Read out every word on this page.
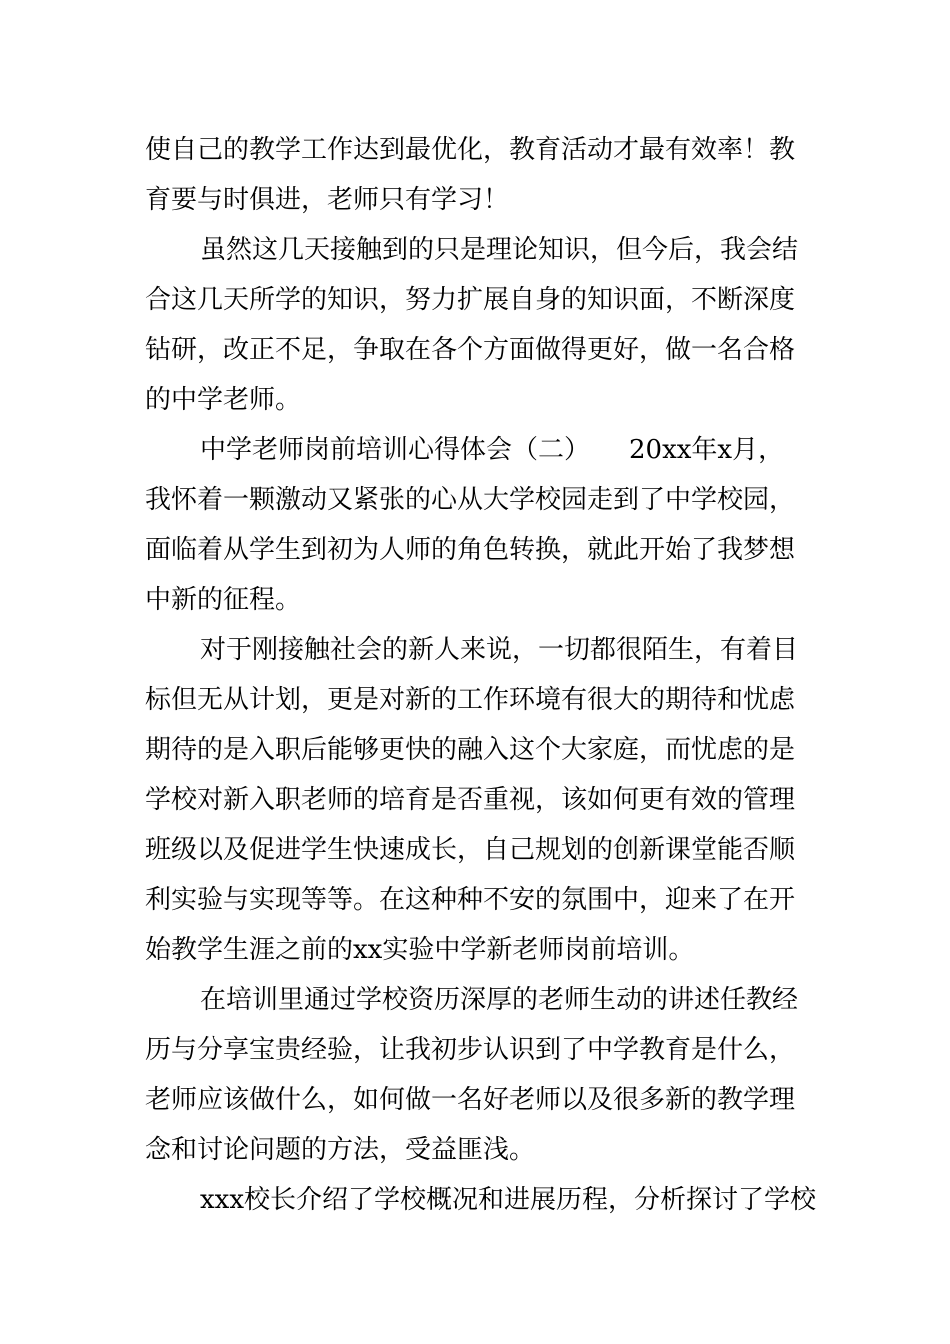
使自己的教学工作达到最优化，教育活动才最有效率！教
育要与时俱进，老师只有学习！
虽然这几天接触到的只是理论知识，但今后，我会结
合这几天所学的知识，努力扩展自身的知识面，不断深度
钻研，改正不足，争取在各个方面做得更好，做一名合格
的中学老师。
中学老师岗前培训心得体会（二）　　20xx年x月，
我怀着一颗激动又紧张的心从大学校园走到了中学校园，
面临着从学生到初为人师的角色转换，就此开始了我梦想
中新的征程。
对于刚接触社会的新人来说，一切都很陌生，有着目
标但无从计划，更是对新的工作环境有很大的期待和忧虑
期待的是入职后能够更快的融入这个大家庭，而忧虑的是
学校对新入职老师的培育是否重视，该如何更有效的管理
班级以及促进学生快速成长，自己规划的创新课堂能否顺
利实验与实现等等。在这种种不安的氛围中，迎来了在开
始教学生涯之前的xx实验中学新老师岗前培训。
在培训里通过学校资历深厚的老师生动的讲述任教经
历与分享宝贵经验，让我初步认识到了中学教育是什么，
老师应该做什么，如何做一名好老师以及很多新的教学理
念和讨论问题的方法，受益匪浅。
xxx校长介绍了学校概况和进展历程，分析探讨了学校
